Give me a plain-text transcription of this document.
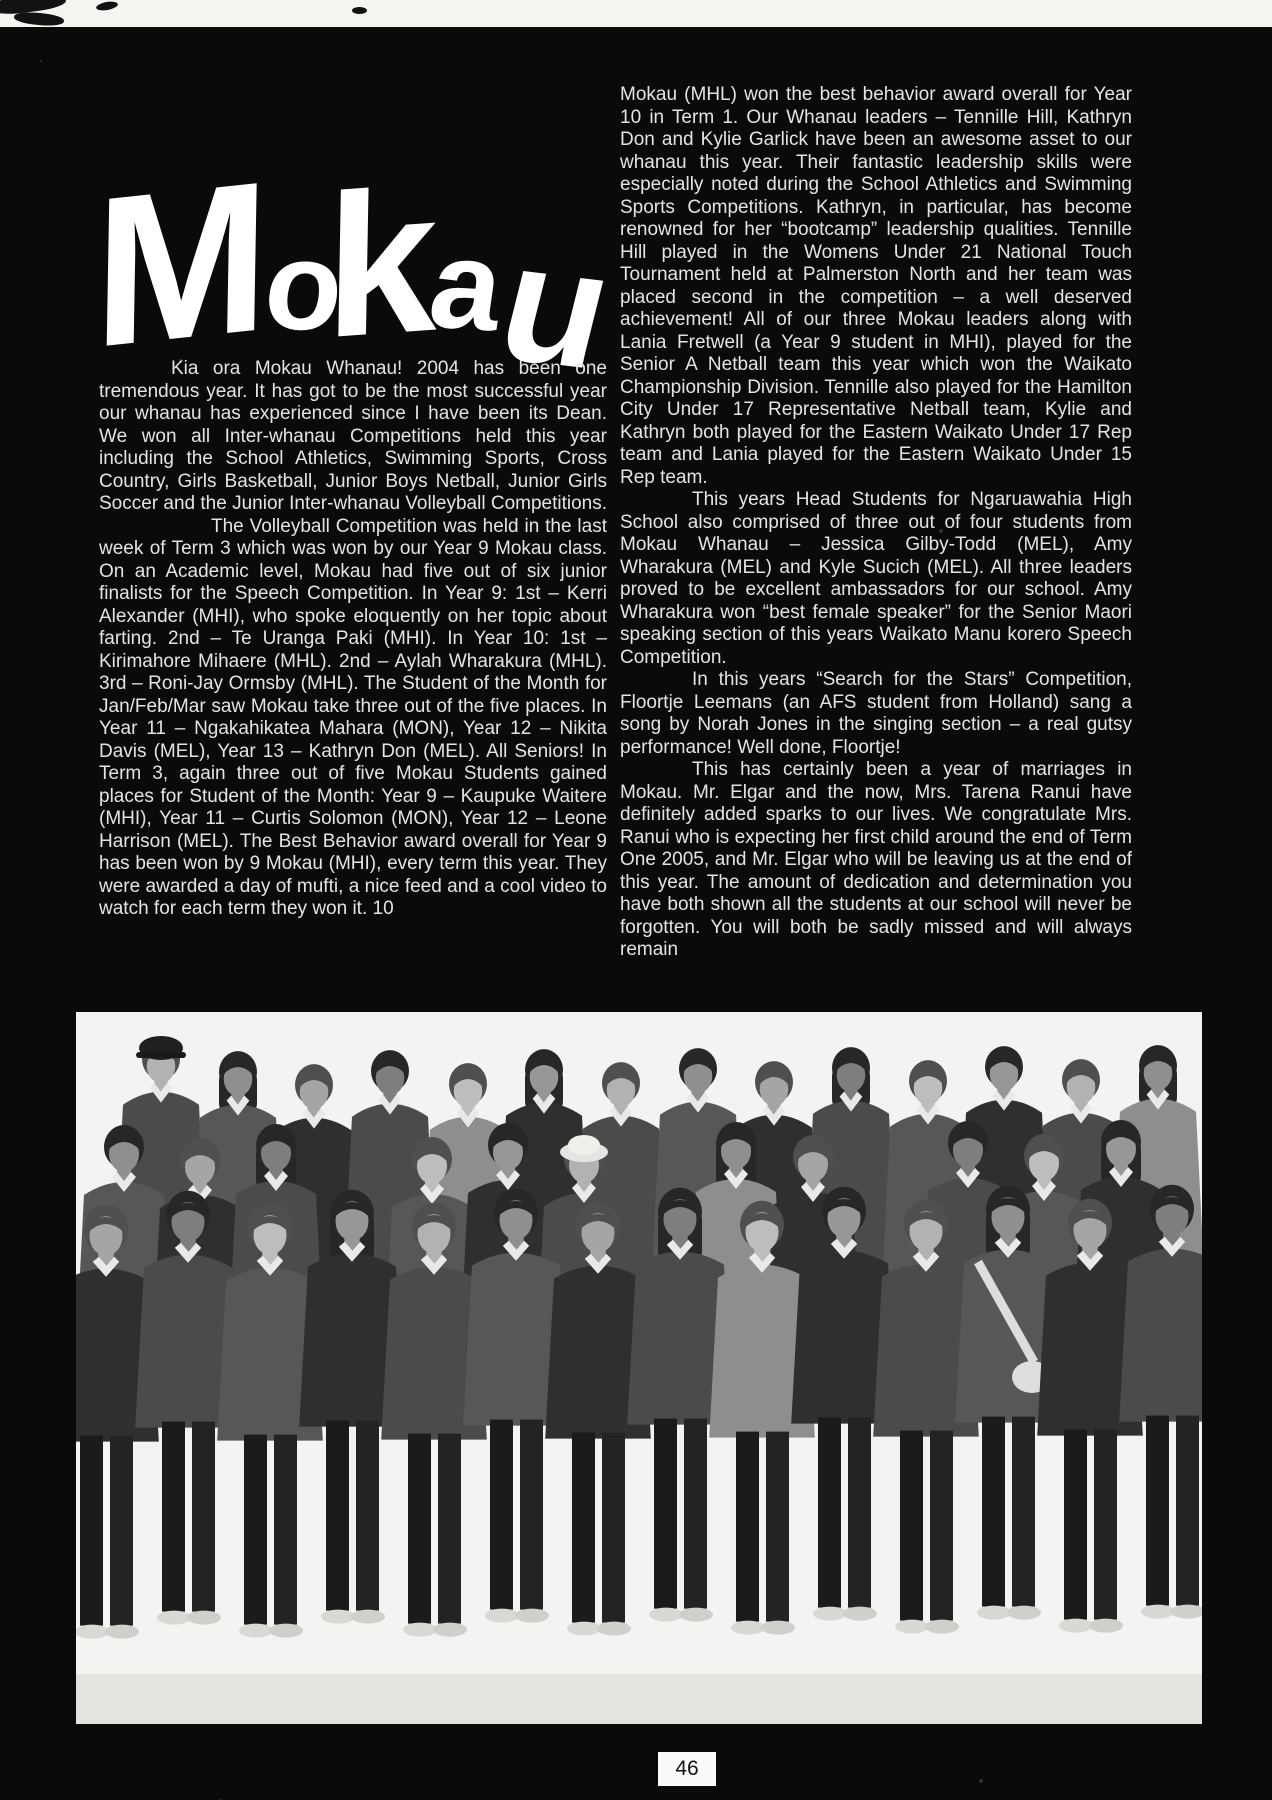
M
o
k
a
u

Kia ora Mokau Whanau! 2004 has been one tremendous year. It has got to be the most successful year our whanau has experienced since I have been its Dean. We won all Inter-whanau Competitions held this year including the School Athletics, Swimming Sports, Cross Country, Girls Basketball, Junior Boys Netball, Junior Girls Soccer and the Junior Inter-whanau Volleyball Competitions.

The Volleyball Competition was held in the last week of Term 3 which was won by our Year 9 Mokau class. On an Academic level, Mokau had five out of six junior finalists for the Speech Competition. In Year 9: 1st – Kerri Alexander (MHI), who spoke eloquently on her topic about farting. 2nd – Te Uranga Paki (MHI). In Year 10: 1st – Kirimahore Mihaere (MHL). 2nd – Aylah Wharakura (MHL). 3rd – Roni-Jay Ormsby (MHL). The Student of the Month for Jan/Feb/Mar saw Mokau take three out of the five places. In Year 11 – Ngakahikatea Mahara (MON), Year 12 – Nikita Davis (MEL), Year 13 – Kathryn Don (MEL). All Seniors! In Term 3, again three out of five Mokau Students gained places for Student of the Month: Year 9 – Kaupuke Waitere (MHI), Year 11 – Curtis Solomon (MON), Year 12 – Leone Harrison (MEL). The Best Behavior award overall for Year 9 has been won by 9 Mokau (MHI), every term this year. They were awarded a day of mufti, a nice feed and a cool video to watch for each term they won it. 10

Mokau (MHL) won the best behavior award overall for Year 10 in Term 1. Our Whanau leaders – Tennille Hill, Kathryn Don and Kylie Garlick have been an awesome asset to our whanau this year. Their fantastic leadership skills were especially noted during the School Athletics and Swimming Sports Competitions. Kathryn, in particular, has become renowned for her “bootcamp” leadership qualities. Tennille Hill played in the Womens Under 21 National Touch Tournament held at Palmerston North and her team was placed second in the competition – a well deserved achievement! All of our three Mokau leaders along with Lania Fretwell (a Year 9 student in MHI), played for the Senior A Netball team this year which won the Waikato Championship Division. Tennille also played for the Hamilton City Under 17 Representative Netball team, Kylie and Kathryn both played for the Eastern Waikato Under 17 Rep team and Lania played for the Eastern Waikato Under 15 Rep team.

This years Head Students for Ngaruawahia High School also comprised of three out of four students from Mokau Whanau – Jessica Gilby-Todd (MEL), Amy Wharakura (MEL) and Kyle Sucich (MEL). All three leaders proved to be excellent ambassadors for our school. Amy Wharakura won “best female speaker” for the Senior Maori speaking section of this years Waikato Manu korero Speech Competition.

In this years “Search for the Stars” Competition, Floortje Leemans (an AFS student from Holland) sang a song by Norah Jones in the singing section – a real gutsy performance! Well done, Floortje!

This has certainly been a year of marriages in Mokau. Mr. Elgar and the now, Mrs. Tarena Ranui have definitely added sparks to our lives. We congratulate Mrs. Ranui who is expecting her first child around the end of Term One 2005, and Mr. Elgar who will be leaving us at the end of this year. The amount of dedication and determination you have both shown all the students at our school will never be forgotten. You will both be sadly missed and will always remain

46
